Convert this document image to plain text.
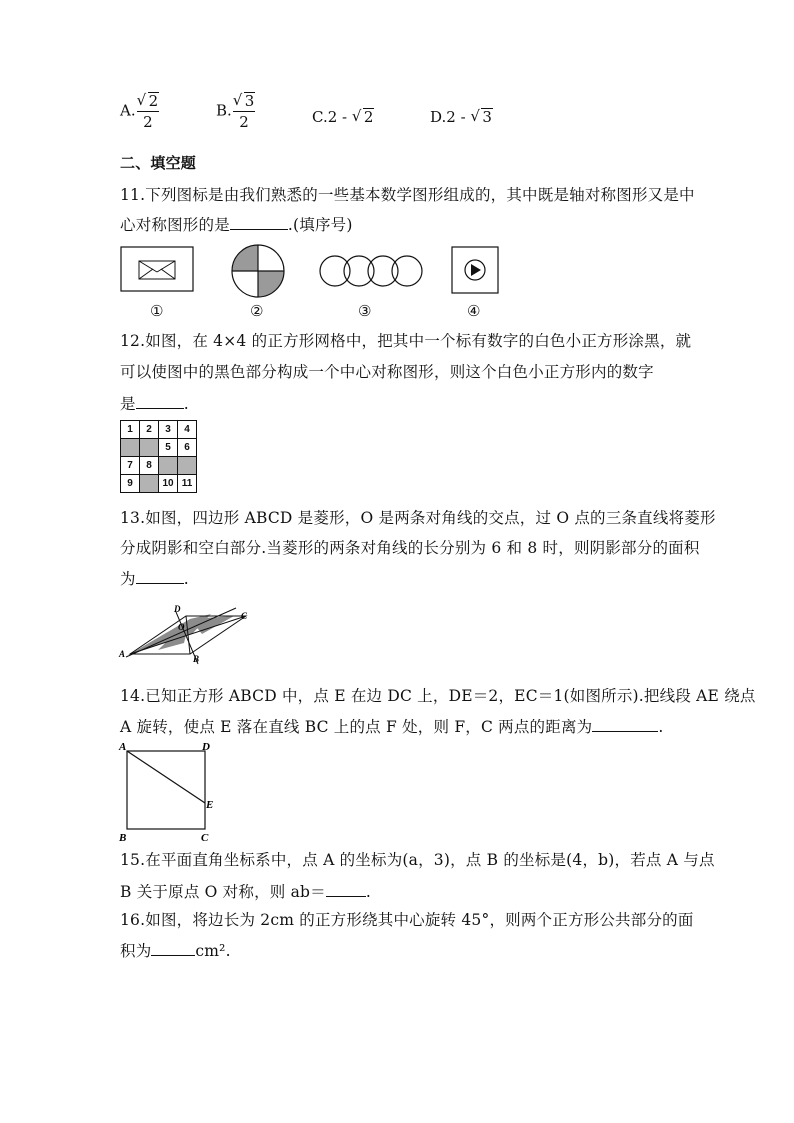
A. $\frac{√ 2}{2}$	B. $\frac{√ 3}{2}$	C.2 - √ 2	D.2 - √ 3
二、填空题
11.下列图标是由我们熟悉的一些基本数学图形组成的，其中既是轴对称图形又是中
心对称图形的是	.(填序号)
①	②	③	④
12.如图，在 4×4 的正方形网格中，把其中一个标有数字的白色小正方形涂黑，就
可以使图中的黑色部分构成一个中心对称图形，则这个白色小正方形内的数字
是	.
1	2	3	4
		5	6
7	8		
9		10	11
13.如图，四边形 ABCD 是菱形，O 是两条对角线的交点，过 O 点的三条直线将菱形
分成阴影和空白部分.当菱形的两条对角线的长分别为 6 和 8 时，则阴影部分的面积
为	.
A	B
C
D
O
14.已知正方形 ABCD 中，点 E 在边 DC 上，DE＝2，EC＝1(如图所示).把线段 AE 绕点
A 旋转，使点 E 落在直线 BC 上的点 F 处，则 F，C 两点的距离为	.
A	D
E
B	C
15.在平面直角坐标系中，点 A 的坐标为(a，3)，点 B 的坐标是(4，b)，若点 A 与点
B 关于原点 O 对称，则 ab＝	.
16.如图，将边长为 2cm 的正方形绕其中心旋转 45°，则两个正方形公共部分的面
积为	cm².
